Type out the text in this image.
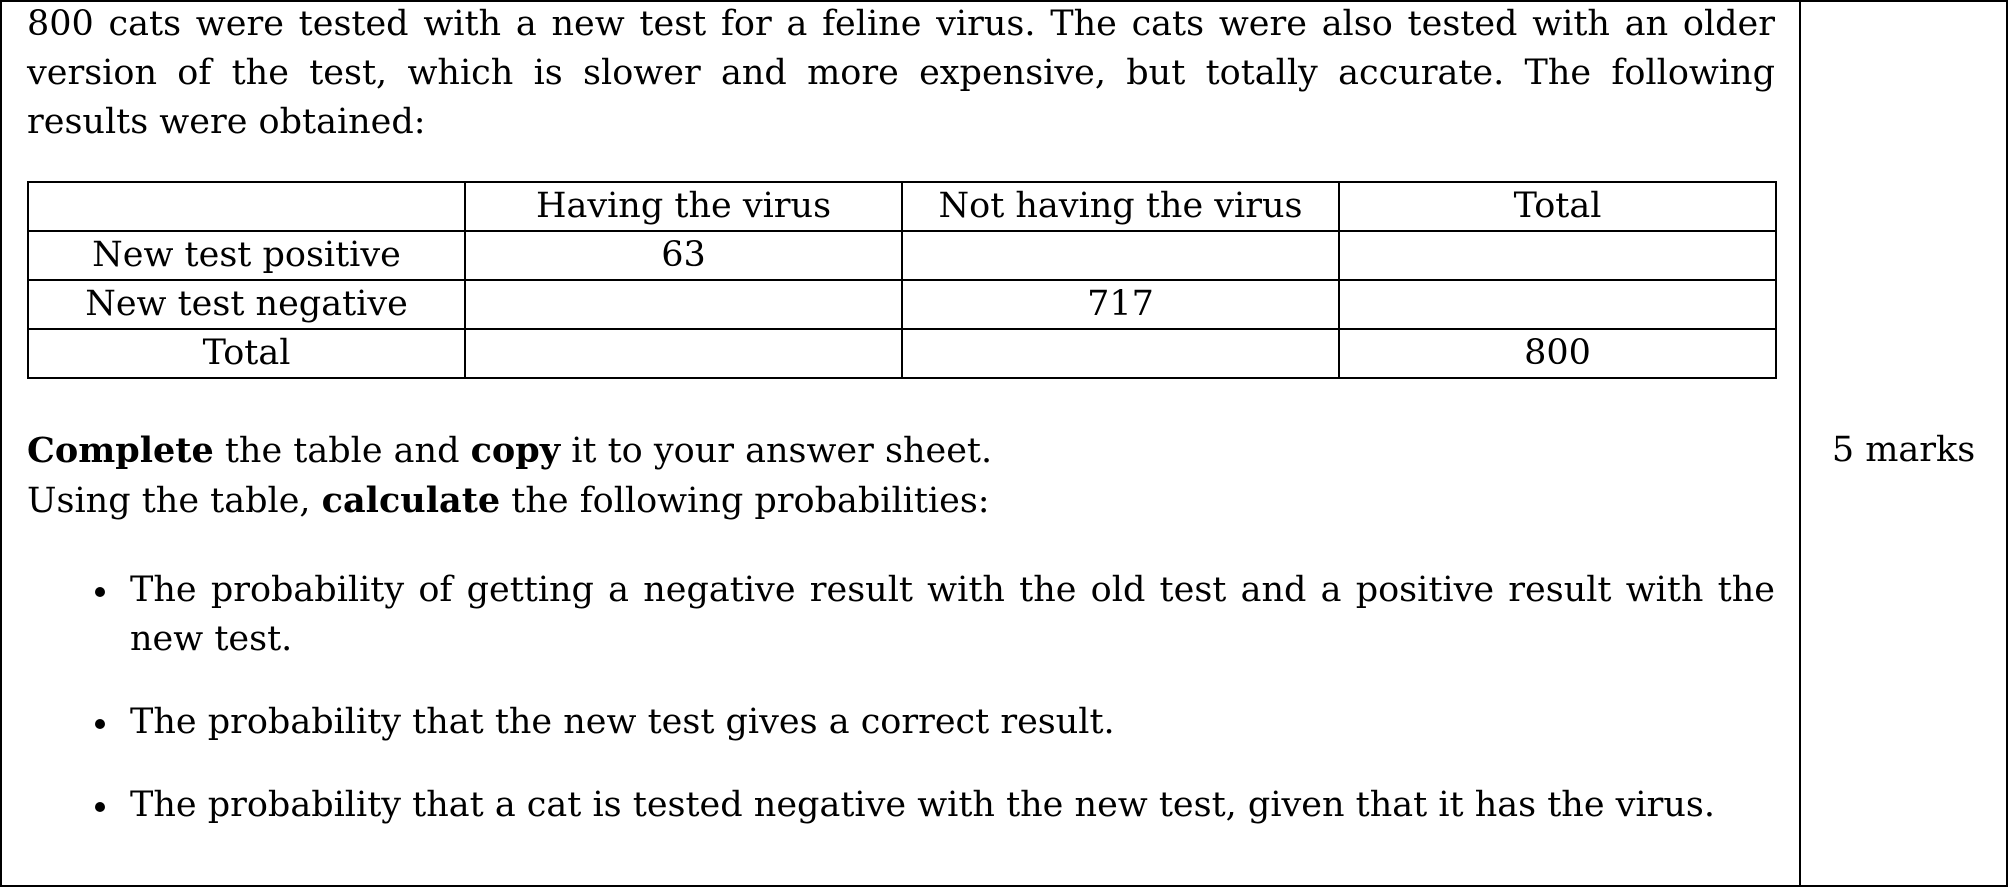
800 cats were tested with a new test for a feline virus. The cats were also tested with an older version of the test, which is slower and more expensive, but totally accurate. The following results were obtained:

	Having the virus	Not having the virus	Total
New test positive	63		
New test negative		717	
Total			800

Complete the table and copy it to your answer sheet.

Using the table, calculate the following probabilities:

The probability of getting a negative result with the old test and a positive result with the new test.
The probability that the new test gives a correct result.
The probability that a cat is tested negative with the new test, given that it has the virus.
5 marks
